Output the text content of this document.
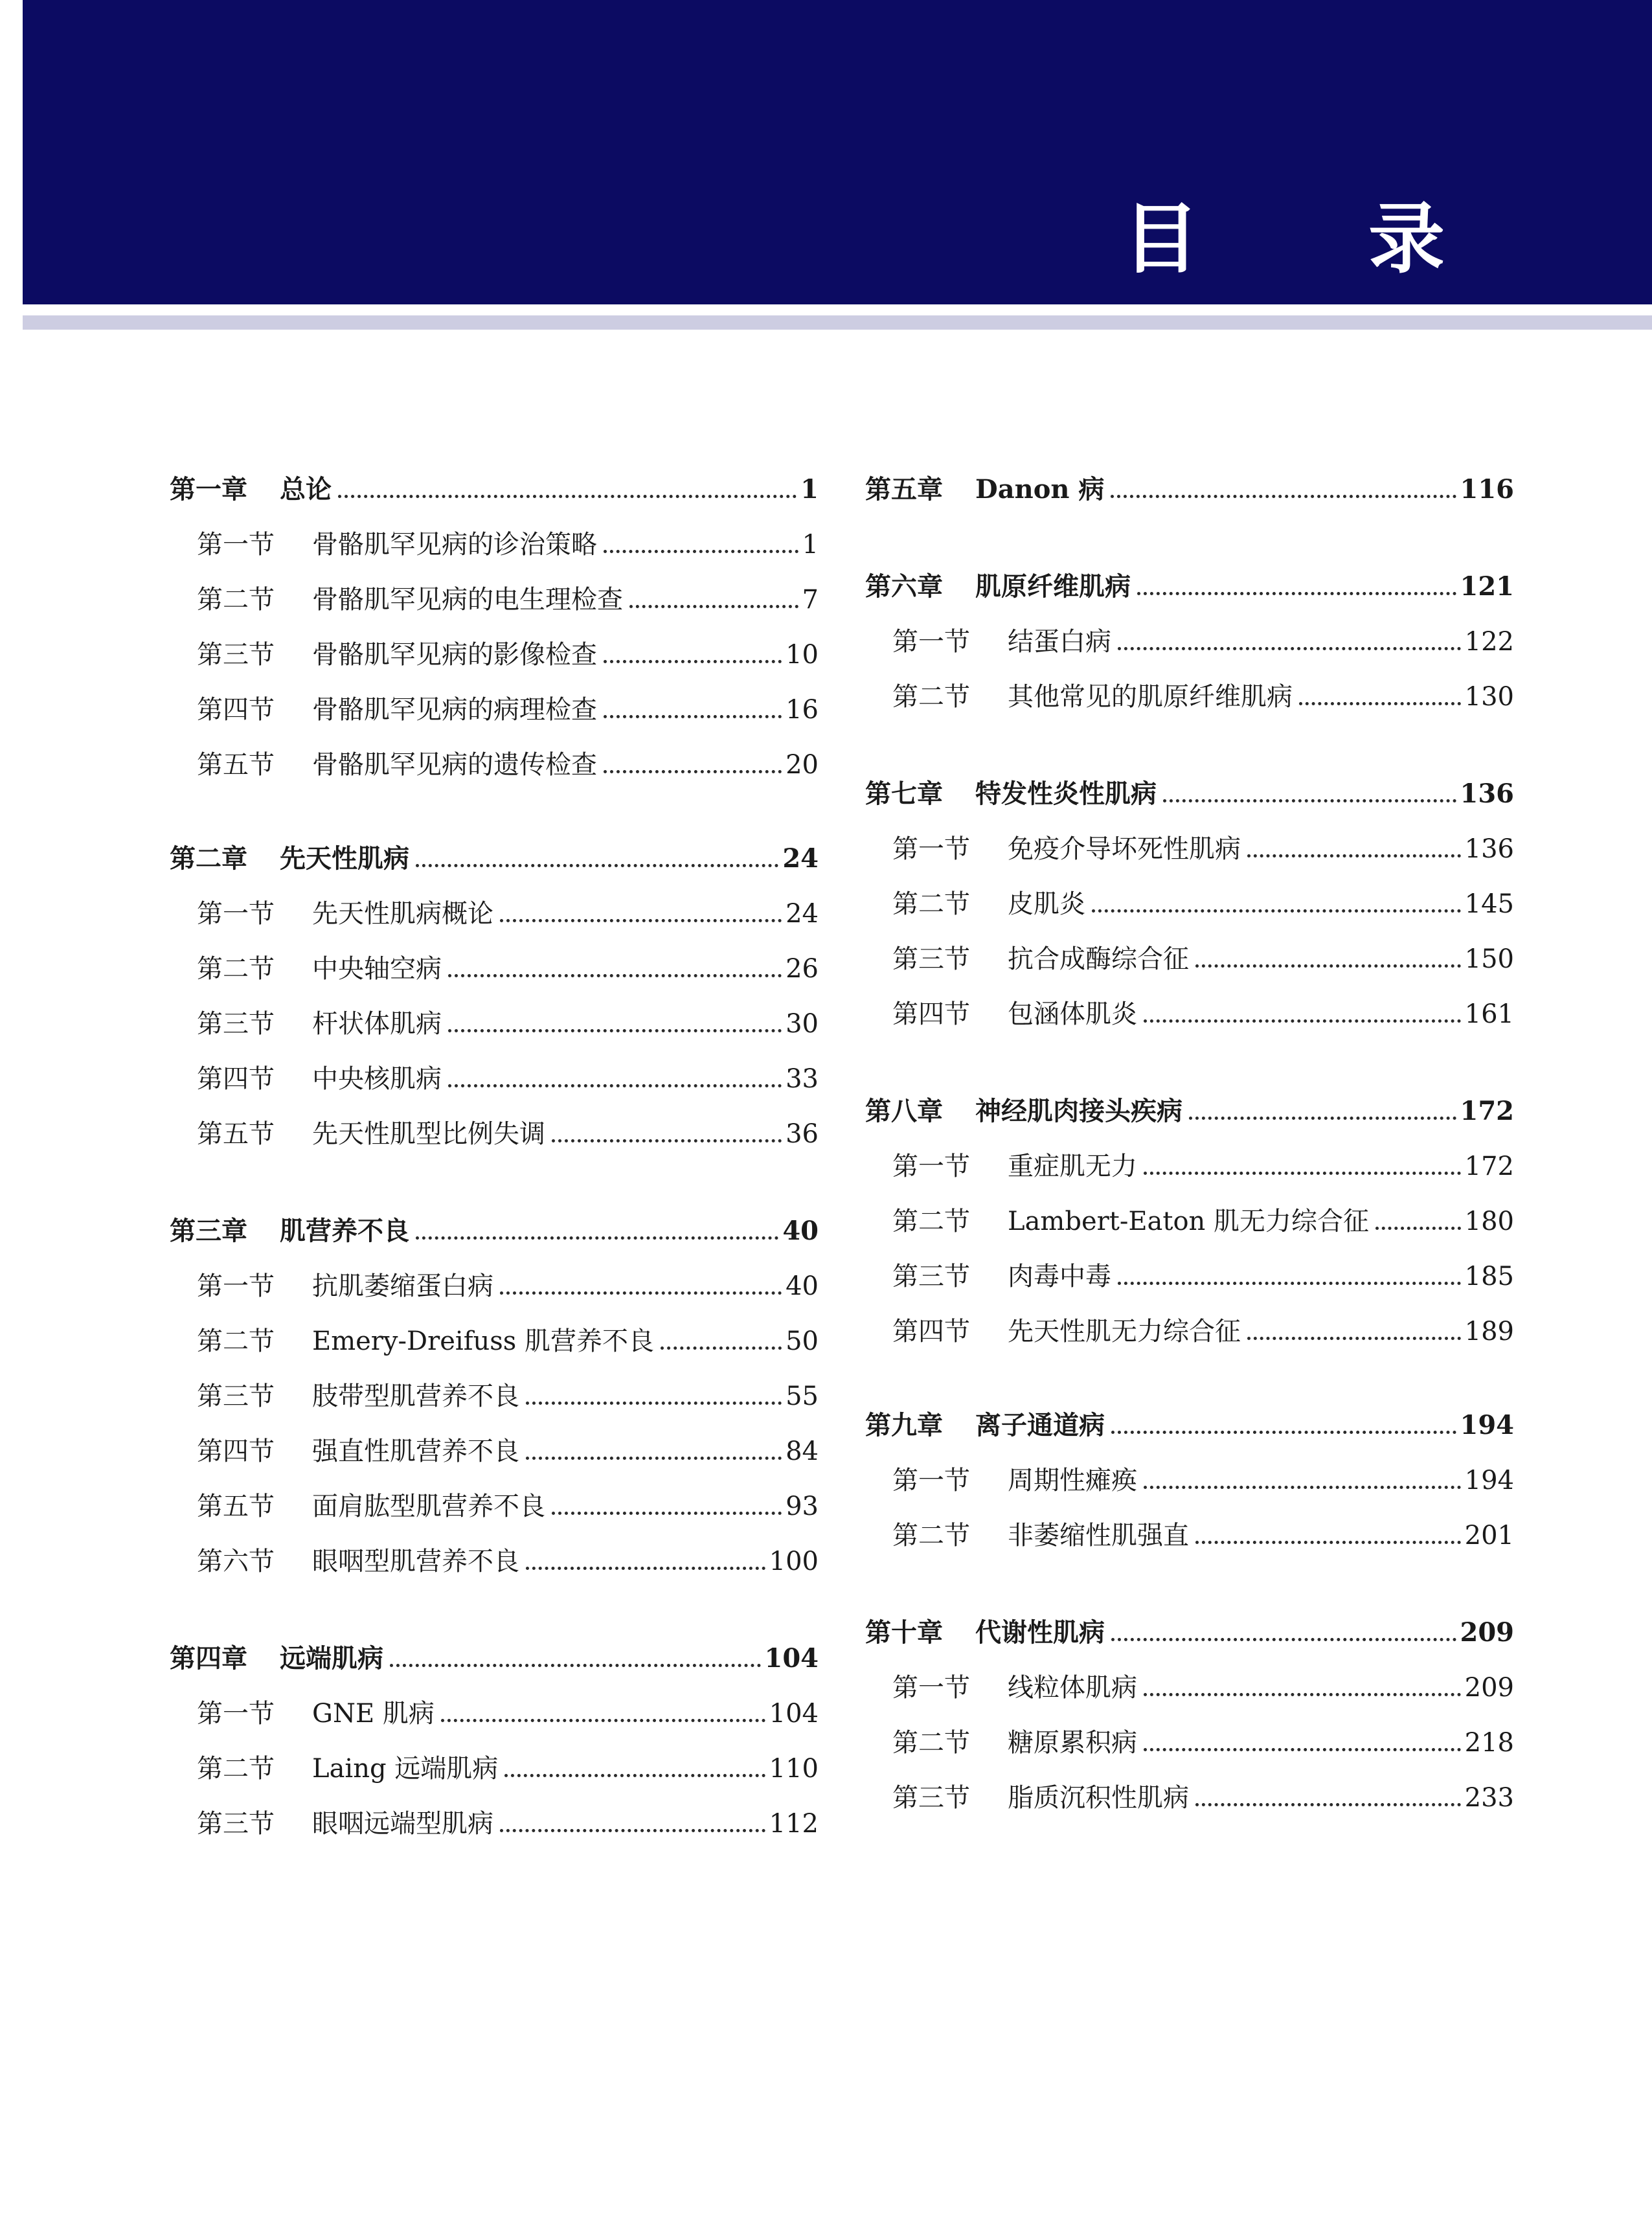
目 录
第一章	总论	1
第一节	骨骼肌罕见病的诊治策略	1
第二节	骨骼肌罕见病的电生理检查	7
第三节	骨骼肌罕见病的影像检查	10
第四节	骨骼肌罕见病的病理检查	16
第五节	骨骼肌罕见病的遗传检查	20
第二章	先天性肌病	24
第一节	先天性肌病概论	24
第二节	中央轴空病	26
第三节	杆状体肌病	30
第四节	中央核肌病	33
第五节	先天性肌型比例失调	36
第三章	肌营养不良	40
第一节	抗肌萎缩蛋白病	40
第二节	Emery-Dreifuss 肌营养不良	50
第三节	肢带型肌营养不良	55
第四节	强直性肌营养不良	84
第五节	面肩肱型肌营养不良	93
第六节	眼咽型肌营养不良	100
第四章	远端肌病	104
第一节	GNE 肌病	104
第二节	Laing 远端肌病	110
第三节	眼咽远端型肌病	112
第五章	Danon 病	116
第六章	肌原纤维肌病	121
第一节	结蛋白病	122
第二节	其他常见的肌原纤维肌病	130
第七章	特发性炎性肌病	136
第一节	免疫介导坏死性肌病	136
第二节	皮肌炎	145
第三节	抗合成酶综合征	150
第四节	包涵体肌炎	161
第八章	神经肌肉接头疾病	172
第一节	重症肌无力	172
第二节	Lambert-Eaton 肌无力综合征	180
第三节	肉毒中毒	185
第四节	先天性肌无力综合征	189
第九章	离子通道病	194
第一节	周期性瘫痪	194
第二节	非萎缩性肌强直	201
第十章	代谢性肌病	209
第一节	线粒体肌病	209
第二节	糖原累积病	218
第三节	脂质沉积性肌病	233
